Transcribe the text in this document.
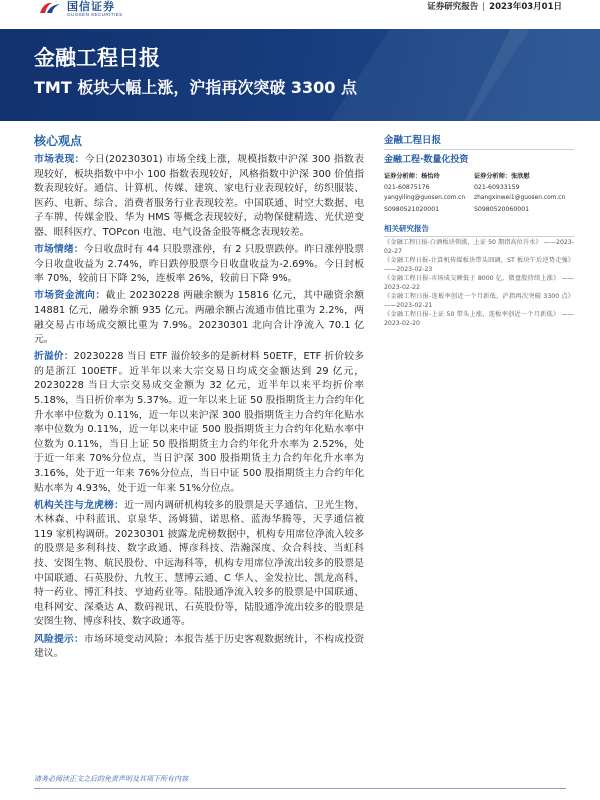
国信证券
GUOSEN SECURITIES
证券研究报告 | 2023年03月01日
金融工程日报
TMT 板块大幅上涨，沪指再次突破 3300 点
核心观点

市场表现：今日(20230301) 市场全线上涨，规模指数中沪深 300 指数表现较好，板块指数中中小 100 指数表现较好，风格指数中沪深 300 价值指数表现较好。通信、计算机、传媒、建筑、家电行业表现较好，纺织服装、医药、电新、综合、消费者服务行业表现较差。中国联通、时空大数据、电子车牌、传媒金股、华为 HMS 等概念表现较好，动物保健精选、光伏逆变器、眼科医疗、TOPcon 电池、电气设备金股等概念表现较差。

市场情绪：今日收盘时有 44 只股票涨停，有 2 只股票跌停。昨日涨停股票今日收盘收益为 2.74%，昨日跌停股票今日收盘收益为-2.69%。今日封板率 70%，较前日下降 2%，连板率 26%，较前日下降 9%。

市场资金流向：截止 20230228 两融余额为 15816 亿元，其中融资余额 14881 亿元，融券余额 935 亿元。两融余额占流通市值比重为 2.2%，两融交易占市场成交额比重为 7.9%。20230301 北向合计净流入 70.1 亿元。

折溢价：20230228 当日 ETF 溢价较多的是新材料 50ETF，ETF 折价较多的是浙江 100ETF。近半年以来大宗交易日均成交金额达到 29 亿元，20230228 当日大宗交易成交金额为 32 亿元，近半年以来平均折价率 5.18%，当日折价率为 5.37%。近一年以来上证 50 股指期货主力合约年化升水率中位数为 0.11%，近一年以来沪深 300 股指期货主力合约年化贴水率中位数为 0.11%，近一年以来中证 500 股指期货主力合约年化贴水率中位数为 0.11%，当日上证 50 股指期货主力合约年化升水率为 2.52%，处于近一年来 70%分位点，当日沪深 300 股指期货主力合约年化升水率为 3.16%，处于近一年来 76%分位点，当日中证 500 股指期货主力合约年化贴水率为 4.93%，处于近一年来 51%分位点。

机构关注与龙虎榜：近一周内调研机构较多的股票是天孚通信、卫光生物、木林森、中科蓝讯、京泉华、汤姆猫、诺思格、蓝海华腾等，天孚通信被 119 家机构调研。20230301 披露龙虎榜数据中，机构专用席位净流入较多的股票是多利科技、数字政通、博彦科技、浩瀚深度、众合科技、当虹科技、安图生物、航民股份、中远海科等，机构专用席位净流出较多的股票是中国联通、石英股份、九牧王、慧博云通、C 华人、金发拉比、凯龙高科、特一药业、博汇科技、亨迪药业等。陆股通净流入较多的股票是中国联通、电科网安、深桑达 A、数码视讯、石英股份等，陆股通净流出较多的股票是安图生物、博彦科技、数字政通等。

风险提示：市场环境变动风险；本报告基于历史客观数据统计，不构成投资建议。

金融工程日报
金融工程·数量化投资
证券分析师：杨怡玲
021-60875176
yangyiling@guosen.com.cn
S0980521020001
证券分析师：张欣慰
021-60933159
zhangxinwei1@guosen.com.cn
S0980520060001
相关研究报告
《金融工程日报-白酒板块领涨，上证 50 期指高位升水》 ——2023-02-27
《金融工程日报-计算机传媒板块带头回调，ST 板块午后逆势走强》 ——2023-02-23
《金融工程日报-市场成交额低于 8000 亿，微盘股持续上涨》 ——2023-02-22
《金融工程日报-连板率创近一个月新低，沪指再次突破 3300 点》 ——2023-02-21
《金融工程日报-上证 50 带头上涨，连板率创近一个月新低》 ——2023-02-20
请务必阅读正文之后的免责声明及其项下所有内容
